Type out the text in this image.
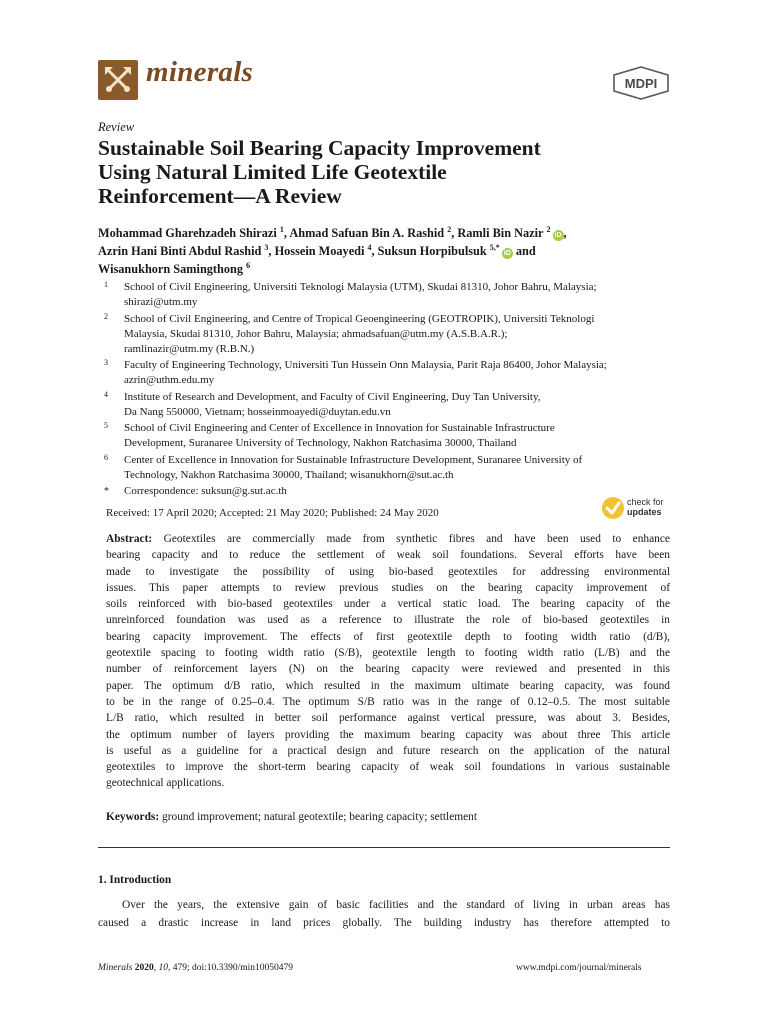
minerals	MDPI
Review
Sustainable Soil Bearing Capacity Improvement
Using Natural Limited Life Geotextile
Reinforcement—A Review
Mohammad Gharehzadeh Shirazi $^1$, Ahmad Safuan Bin A. Rashid $^2$, Ramli Bin Nazir $^2$iD ,
Azrin Hani Binti Abdul Rashid $^3$, Hossein Moayedi $^4$, Suksun Horpibulsuk $^{5,*}$iD and
Wisanukhorn Samingthong $^6$
1 School of Civil Engineering, Universiti Teknologi Malaysia (UTM), Skudai 81310, Johor Bahru, Malaysia;
shirazi@utm.my
2 School of Civil Engineering, and Centre of Tropical Geoengineering (GEOTROPIK), Universiti Teknologi
Malaysia, Skudai 81310, Johor Bahru, Malaysia; ahmadsafuan@utm.my (A.S.B.A.R.);
ramlinazir@utm.my (R.B.N.)
3 Faculty of Engineering Technology, Universiti Tun Hussein Onn Malaysia, Parit Raja 86400, Johor Malaysia;
azrin@uthm.edu.my
4 Institute of Research and Development, and Faculty of Civil Engineering, Duy Tan University,
Da Nang 550000, Vietnam; hosseinmoayedi@duytan.edu.vn
5 School of Civil Engineering and Center of Excellence in Innovation for Sustainable Infrastructure
Development, Suranaree University of Technology, Nakhon Ratchasima 30000, Thailand
6 Center of Excellence in Innovation for Sustainable Infrastructure Development, Suranaree University of
Technology, Nakhon Ratchasima 30000, Thailand; wisanukhorn@sut.ac.th
* Correspondence: suksun@g.sut.ac.th
Received: 17 April 2020; Accepted: 21 May 2020; Published: 24 May 2020
check for
updates
Abstract: Geotextiles are commercially made from synthetic fibres and have been used to enhance
bearing capacity and to reduce the settlement of weak soil foundations. Several efforts have been
made to investigate the possibility of using bio-based geotextiles for addressing environmental
issues. This paper attempts to review previous studies on the bearing capacity improvement of
soils reinforced with bio-based geotextiles under a vertical static load. The bearing capacity of the
unreinforced foundation was used as a reference to illustrate the role of bio-based geotextiles in
bearing capacity improvement. The effects of first geotextile depth to footing width ratio (d/B),
geotextile spacing to footing width ratio (S/B), geotextile length to footing width ratio (L/B) and the
number of reinforcement layers (N) on the bearing capacity were reviewed and presented in this
paper. The optimum d/B ratio, which resulted in the maximum ultimate bearing capacity, was found
to be in the range of 0.25–0.4. The optimum S/B ratio was in the range of 0.12–0.5. The most suitable
L/B ratio, which resulted in better soil performance against vertical pressure, was about 3. Besides,
the optimum number of layers providing the maximum bearing capacity was about three This article
is useful as a guideline for a practical design and future research on the application of the natural
geotextiles to improve the short-term bearing capacity of weak soil foundations in various sustainable
geotechnical applications.
Keywords: ground improvement; natural geotextile; bearing capacity; settlement
1. Introduction
Over the years, the extensive gain of basic facilities and the standard of living in urban areas has
caused a drastic increase in land prices globally. The building industry has therefore attempted to
Minerals 2020, 10, 479; doi:10.3390/min10050479	www.mdpi.com/journal/minerals
